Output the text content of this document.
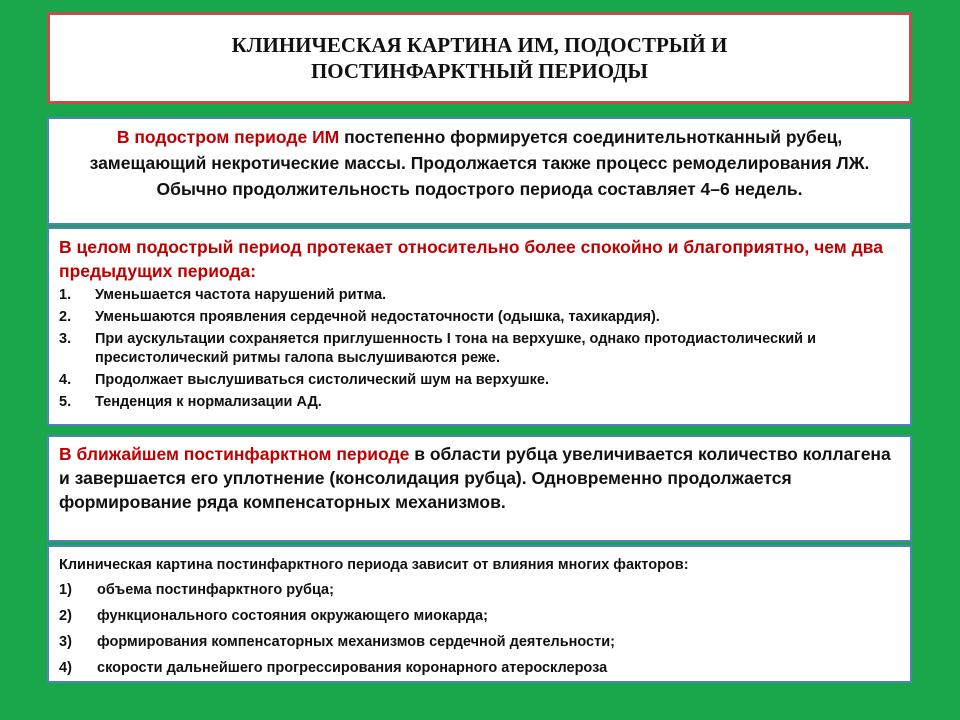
КЛИНИЧЕСКАЯ КАРТИНА ИМ, ПОДОСТРЫЙ И
ПОСТИНФАРКТНЫЙ ПЕРИОДЫ
В подостром периоде ИМ постепенно формируется соединительнотканный рубец, замещающий некротические массы. Продолжается также процесс ремоделирования ЛЖ. Обычно продолжительность подострого периода составляет 4–6 недель.
В целом подострый период протекает относительно более спокойно и благоприятно, чем два предыдущих периода:
1.	Уменьшается частота нарушений ритма.
2.	Уменьшаются проявления сердечной недостаточности (одышка, тахикардия).
3.	При аускультации сохраняется приглушенность I тона на верхушке, однако протодиастолический и пресистолический ритмы галопа выслушиваются реже.
4.	Продолжает выслушиваться систолический шум на верхушке.
5.	Тенденция к нормализации АД.
В ближайшем постинфарктном периоде в области рубца увеличивается количество коллагена и завершается его уплотнение (консолидация рубца). Одновременно продолжается формирование ряда компенсаторных механизмов.
Клиническая картина постинфарктного периода зависит от влияния многих факторов:
1)	объема постинфарктного рубца;
2)	функционального состояния окружающего миокарда;
3)	формирования компенсаторных механизмов сердечной деятельности;
4)	скорости дальнейшего прогрессирования коронарного атеросклероза
